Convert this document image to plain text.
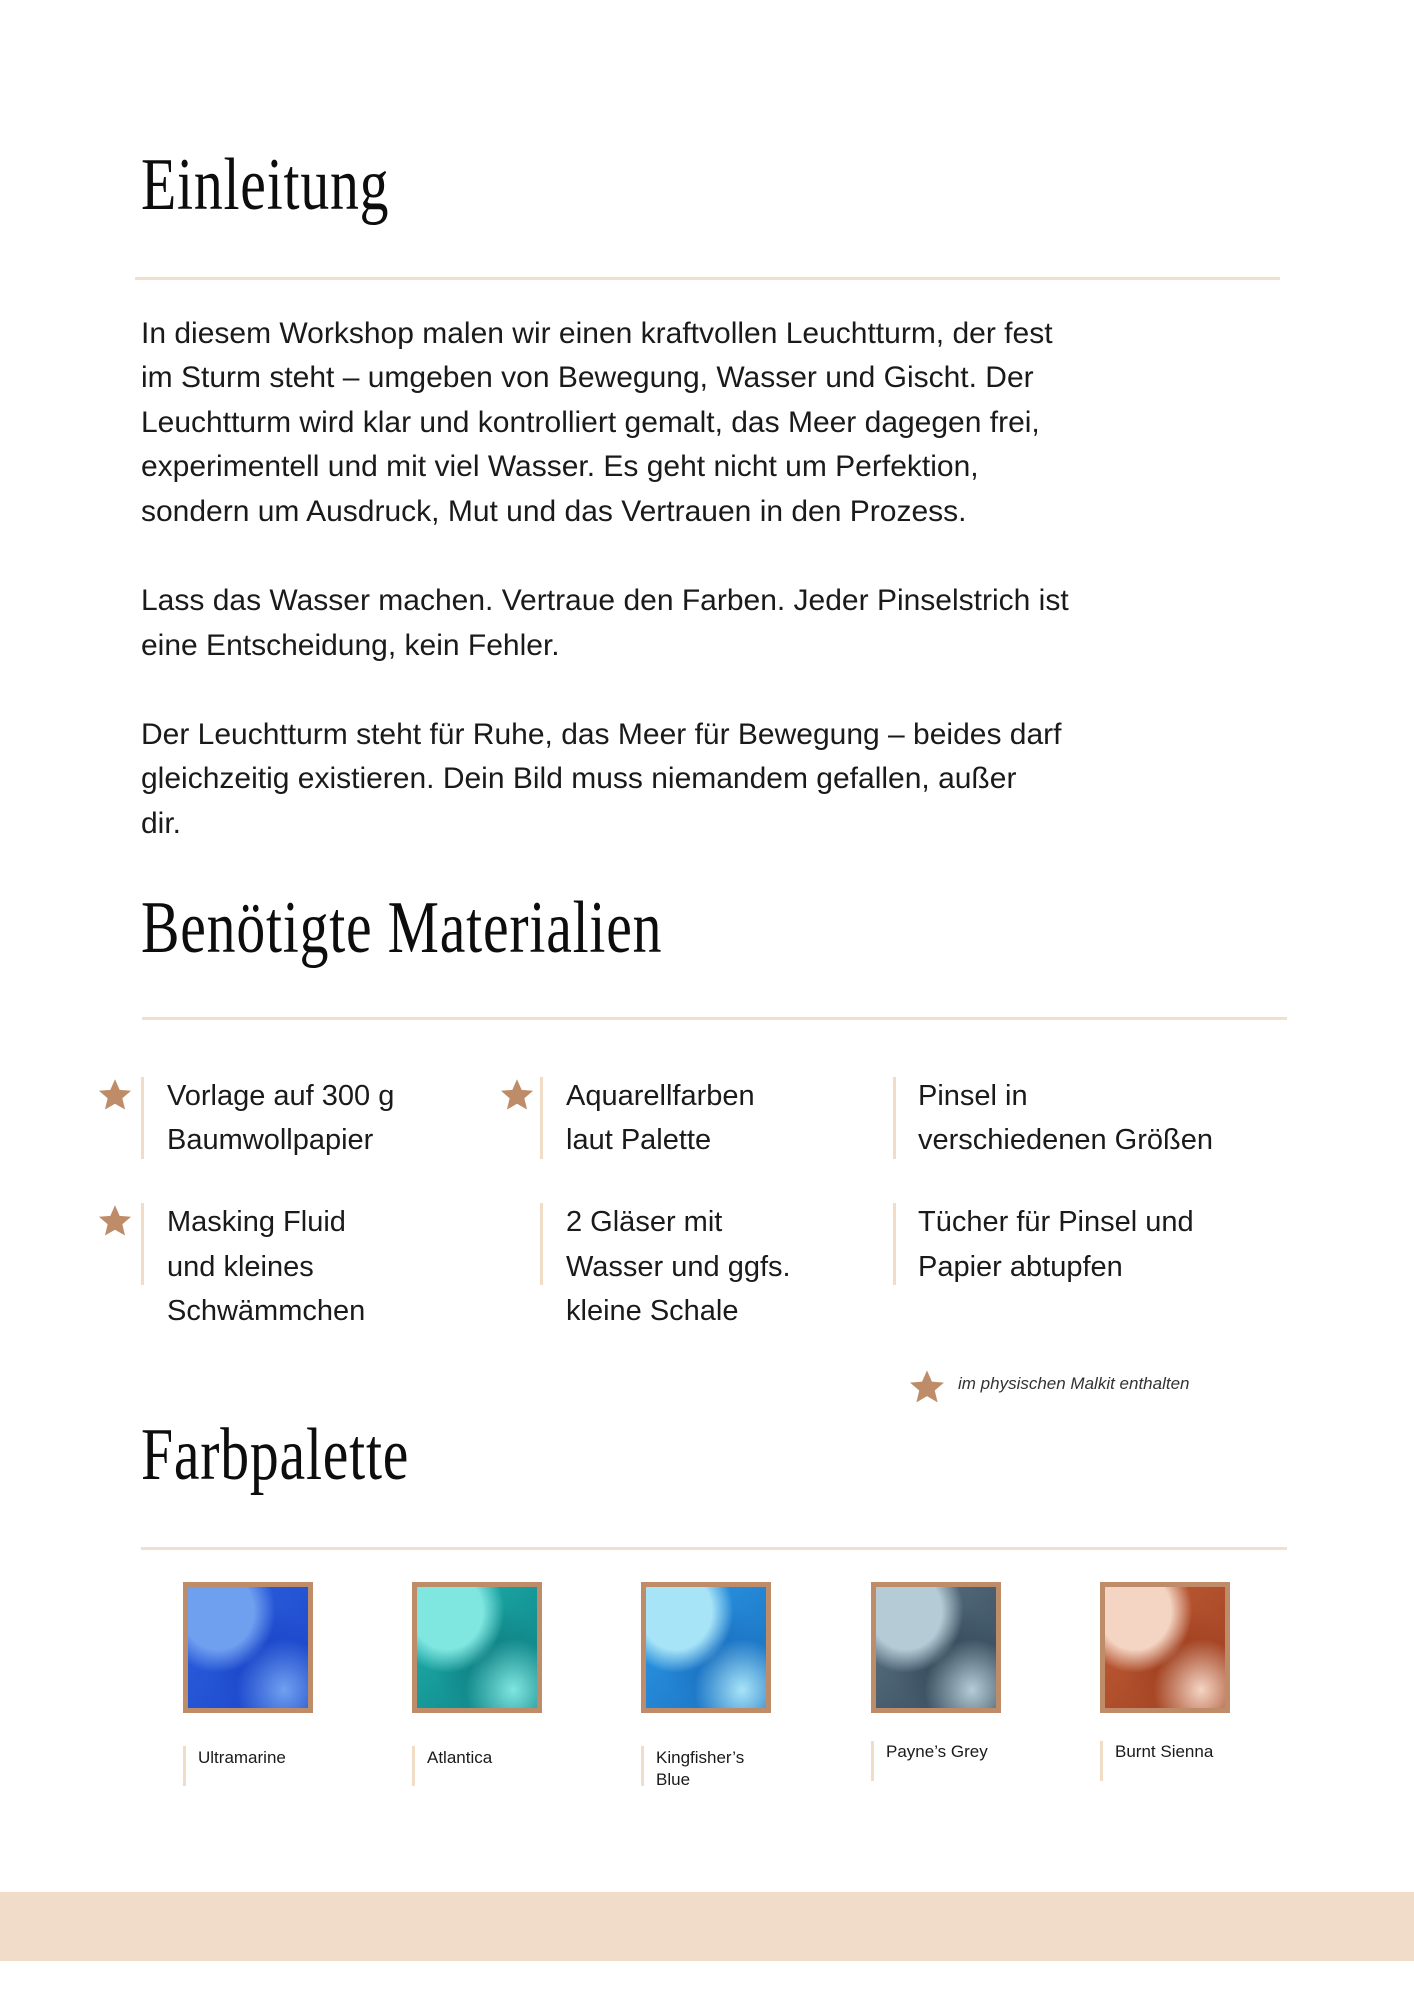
Einleitung
In diesem Workshop malen wir einen kraftvollen Leuchtturm, der fest
im Sturm steht – umgeben von Bewegung, Wasser und Gischt. Der
Leuchtturm wird klar und kontrolliert gemalt, das Meer dagegen frei,
experimentell und mit viel Wasser. Es geht nicht um Perfektion,
sondern um Ausdruck, Mut und das Vertrauen in den Prozess.
Lass das Wasser machen. Vertraue den Farben. Jeder Pinselstrich ist
eine Entscheidung, kein Fehler.
Der Leuchtturm steht für Ruhe, das Meer für Bewegung – beides darf
gleichzeitig existieren. Dein Bild muss niemandem gefallen, außer
dir.
Benötigte Materialien
Vorlage auf 300 g
Baumwollpapier
Aquarellfarben
laut Palette
Pinsel in
verschiedenen Größen
Masking Fluid
und kleines
Schwämmchen
2 Gläser mit
Wasser und ggfs.
kleine Schale
Tücher für Pinsel und
Papier abtupfen
im physischen Malkit enthalten
Farbpalette
Ultramarine	Atlantica	Kingfisher’s
Blue
Payne’s Grey	Burnt Sienna
